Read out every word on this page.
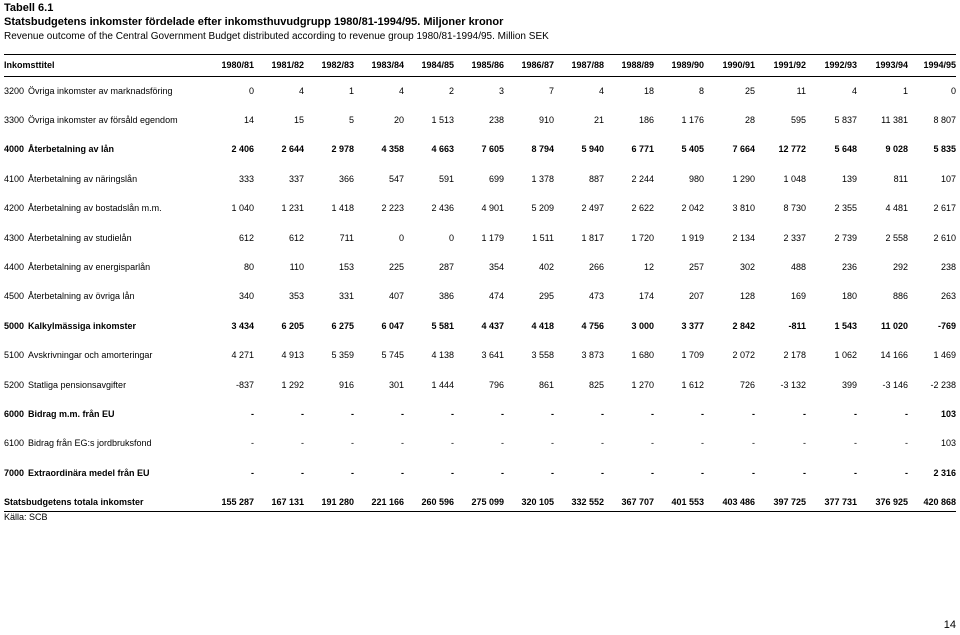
Tabell 6.1
Statsbudgetens inkomster fördelade efter inkomsthuvudgrupp 1980/81-1994/95. Miljoner kronor
Revenue outcome of the Central Government Budget distributed according to revenue group 1980/81-1994/95. Million SEK
Inkomsttitel	1980/81	1981/82	1982/83	1983/84	1984/85	1985/86	1986/87	1987/88	1988/89	1989/90	1990/91	1991/92	1992/93	1993/94	1994/95
3200 Övriga inkomster av marknadsföring	0	4	1	4	2	3	7	4	18	8	25	11	4	1	0
3300 Övriga inkomster av försåld egendom	14	15	5	20	1 513	238	910	21	186	1 176	28	595	5 837	11 381	8 807
4000 Återbetalning av lån	2 406	2 644	2 978	4 358	4 663	7 605	8 794	5 940	6 771	5 405	7 664	12 772	5 648	9 028	5 835
4100 Återbetalning av näringslån	333	337	366	547	591	699	1 378	887	2 244	980	1 290	1 048	139	811	107
4200 Återbetalning av bostadslån m.m.	1 040	1 231	1 418	2 223	2 436	4 901	5 209	2 497	2 622	2 042	3 810	8 730	2 355	4 481	2 617
4300 Återbetalning av studielån	612	612	711	0	0	1 179	1 511	1 817	1 720	1 919	2 134	2 337	2 739	2 558	2 610
4400 Återbetalning av energisparlån	80	110	153	225	287	354	402	266	12	257	302	488	236	292	238
4500 Återbetalning av övriga lån	340	353	331	407	386	474	295	473	174	207	128	169	180	886	263
5000 Kalkylmässiga inkomster	3 434	6 205	6 275	6 047	5 581	4 437	4 418	4 756	3 000	3 377	2 842	-811	1 543	11 020	-769
5100 Avskrivningar och amorteringar	4 271	4 913	5 359	5 745	4 138	3 641	3 558	3 873	1 680	1 709	2 072	2 178	1 062	14 166	1 469
5200 Statliga pensionsavgifter	-837	1 292	916	301	1 444	796	861	825	1 270	1 612	726	-3 132	399	-3 146	-2 238
6000 Bidrag m.m. från EU	-	-	-	-	-	-	-	-	-	-	-	-	-	-	103
6100 Bidrag från EG:s jordbruksfond	-	-	-	-	-	-	-	-	-	-	-	-	-	-	103
7000 Extraordinära medel från EU	-	-	-	-	-	-	-	-	-	-	-	-	-	-	2 316
Statsbudgetens totala inkomster	155 287	167 131	191 280	221 166	260 596	275 099	320 105	332 552	367 707	401 553	403 486	397 725	377 731	376 925	420 868
Källa: SCB
14
